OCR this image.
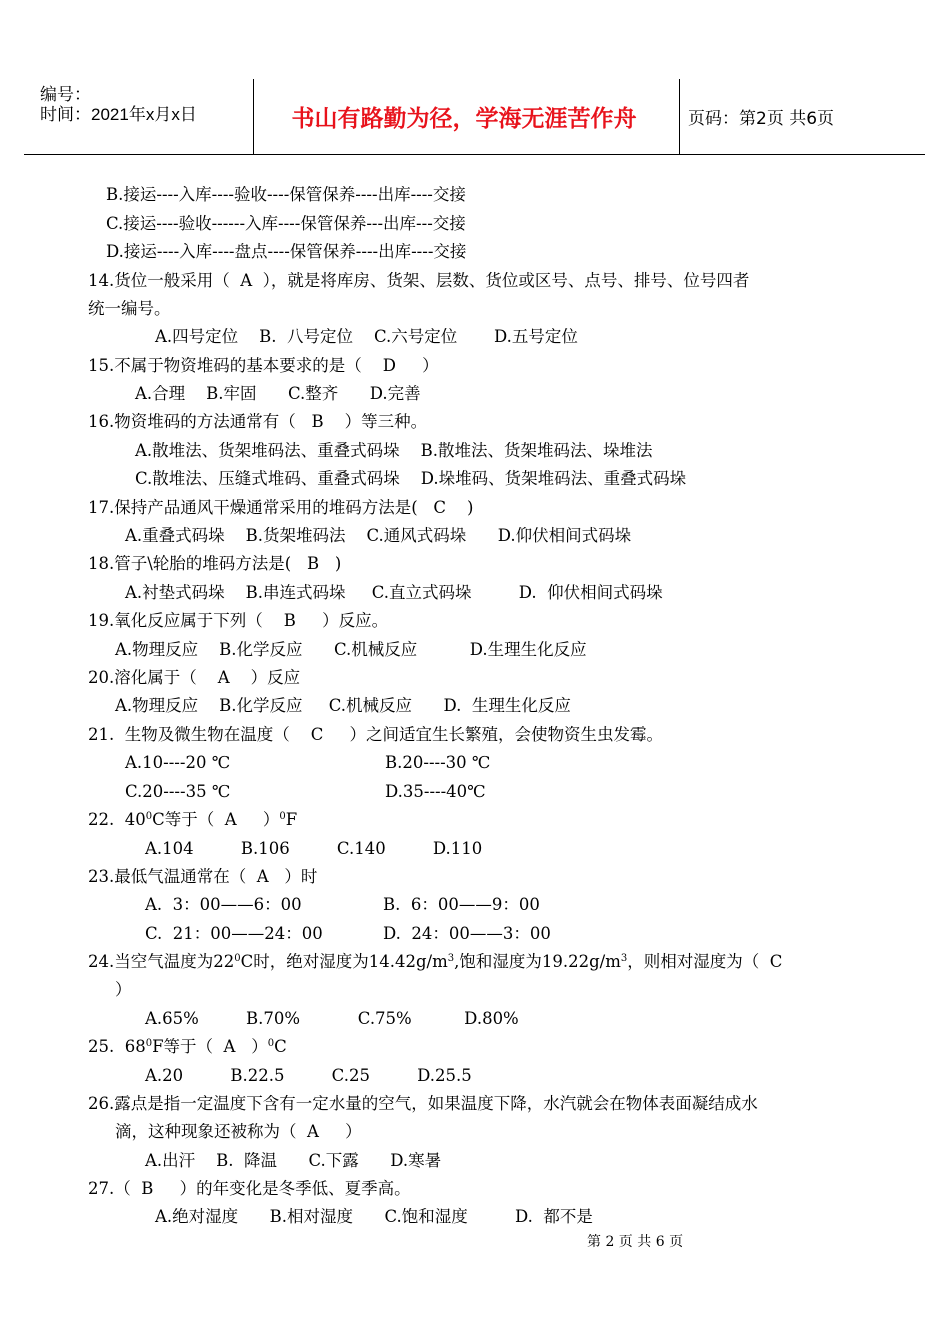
编号：
时间：2021年x月x日	书山有路勤为径，学海无涯苦作舟	页码：第2页 共6页
B.接运----入库----验收----保管保养----出库----交接
C.接运----验收------入库----保管保养---出库---交接
D.接运----入库----盘点----保管保养----出库----交接
14.货位一般采用（  A  ），就是将库房、货架、层数、货位或区号、点号、排号、位号四者
统一编号。
A.四号定位    B.  八号定位    C.六号定位       D.五号定位
15.不属于物资堆码的基本要求的是（    D     ）
A.合理    B.牢固      C.整齐      D.完善
16.物资堆码的方法通常有（   B    ）等三种。
A.散堆法、货架堆码法、重叠式码垛    B.散堆法、货架堆码法、垛堆法
C.散堆法、压缝式堆码、重叠式码垛    D.垛堆码、货架堆码法、重叠式码垛
17.保持产品通风干燥通常采用的堆码方法是(   C    )
A.重叠式码垛    B.货架堆码法    C.通风式码垛      D.仰伏相间式码垛
18.管子\轮胎的堆码方法是(   B   )
A.衬垫式码垛    B.串连式码垛     C.直立式码垛         D.  仰伏相间式码垛
19.氧化反应属于下列（    B     ）反应。
A.物理反应    B.化学反应      C.机械反应          D.生理生化反应
20.溶化属于（    A    ）反应
A.物理反应    B.化学反应     C.机械反应      D.  生理生化反应
21.  生物及微生物在温度（    C     ）之间适宜生长繁殖，会使物资生虫发霉。
A.10----20 ℃	B.20----30 ℃
C.20----35 ℃	D.35----40℃
22.  $40^0C$等于（  A     ）$^0$F
A.104         B.106         C.140         D.110
23.最低气温通常在（  A   ）时
A.  3：00——6：00	B.  6：00——9：00
C.  21：00——24：00	D.  24：00——3：00
24.当空气温度为$22^0C$时，绝对湿度为$14.42g/m^3$,饱和湿度为$19.22g/m^3$，则相对湿度为（  C
）
A.65%         B.70%           C.75%          D.80%
25.  $68^0F$等于（  A   ）$^0$C
A.20         B.22.5         C.25         D.25.5
26.露点是指一定温度下含有一定水量的空气，如果温度下降，水汽就会在物体表面凝结成水
滴，这种现象还被称为（  A     ）
A.出汗    B.  降温      C.下露      D.寒暑
27.（  B     ）的年变化是冬季低、夏季高。
A.绝对湿度      B.相对湿度      C.饱和湿度         D.  都不是
第 2 页 共 6 页
